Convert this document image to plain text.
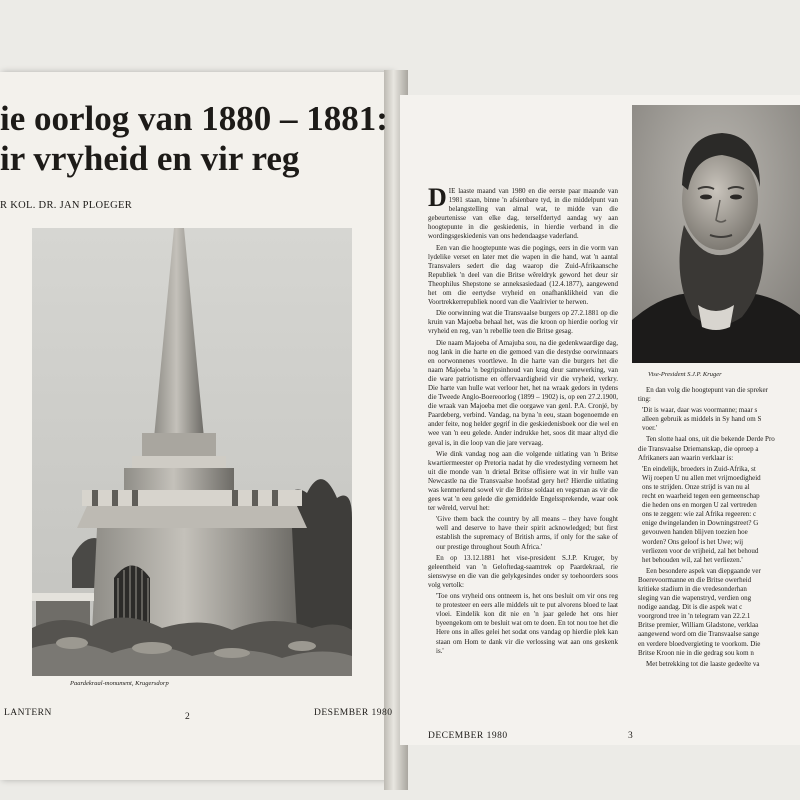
ie oorlog van 1880 – 1881:
ir vryheid en vir reg
R KOL. DR. JAN PLOEGER
Paardekraal-monument, Krugersdorp
LANTERN	2	DESEMBER 1980

DIE laaste maand van 1980 en die eerste paar maande van 1981 staan, binne 'n afsienbare tyd, in die middelpunt van belangstelling van almal wat, te midde van die gebeurtenisse van elke dag, terselfdertyd aandag wy aan hoogtepunte in die geskiedenis, in hierdie verband in die wordingsgeskiedenis van ons hedendaagse vaderland.

Een van die hoogtepunte was die pogings, eers in die vorm van lydelike verset en later met die wapen in die hand, wat 'n aantal Transvalers sedert die dag waarop die Zuid-Afrikaansche Republiek 'n deel van die Britse wêreldryk geword het deur sir Theophilus Shepstone se anneksasiedaad (12.4.1877), aangewend het om die eertydse vryheid en onafhanklikheid van die Voortrekkerrepubliek noord van die Vaalrivier te herwen.

Die oorwinning wat die Transvaalse burgers op 27.2.1881 op die kruin van Majoeba behaal het, was die kroon op hierdie oorlog vir vryheid en reg, van 'n rebellie teen die Britse gesag.

Die naam Majoeba of Amajuba sou, na die gedenkwaardige dag, nog lank in die harte en die gemoed van die destydse oorwinnaars en oorwonnenes voortlewe. In die harte van die burgers het die naam Majoeba 'n begripsinhoud van krag deur samewerking, van die ware patriotisme en offervaardigheid vir die vryheid, verkry. Die harte van hulle wat verloor het, het na wraak gedors in tydens die Tweede Anglo-Boereoorlog (1899 – 1902) is, op een 27.2.1900, die wraak van Majoeba met die oorgawe van genl. P.A. Cronjé, by Paardeberg, verbind. Vandag, na byna 'n eeu, staan bogenoemde en ander feite, nog helder gegrif in die geskiedenisboek oor die wel en wee van 'n eeu gelede. Ander indrukke het, soos dit maar altyd die geval is, in die loop van die jare vervaag.

Wie dink vandag nog aan die volgende uitlating van 'n Britse kwartiermeester op Pretoria nadat hy die vredestyding verneem het uit die monde van 'n drietal Britse offisiere wat in vir hulle van Newcastle na die Transvaalse hoofstad gery het? Hierdie uitlating was kenmerkend sowel vir die Britse soldaat en vegsman as vir die gees wat 'n eeu gelede die gemiddelde Engelssprekende, waar ook ter wêreld, vervul het:

'Give them back the country by all means – they have fought well and deserve to have their spirit acknowledged; but first establish the supremacy of British arms, if only for the sake of our prestige throughout South Africa.'

En op 13.12.1881 het vise-president S.J.P. Kruger, by geleentheid van 'n Geloftedag-saamtrek op Paardekraal, rie sienswyse en die van die gelykgesindes onder sy toehoorders soos volg vertolk:

'Toe ons vryheid ons ontneem is, het ons besluit om vir ons reg te protesteer en eers alle middels uit te put alvorens bloed te laat vloei. Eindelik kon dit nie en 'n jaar gelede het ons hier byeengekom om te besluit wat om te doen. En tot nou toe het die Here ons in alles gelei het sodat ons vandag op hierdie plek kan staan om Hom te dank vir die verlossing wat aan ons geskenk is.'

Vise-President S.J.P. Kruger

En dan volg die hoogtepunt van die spreker
ting:

'Dit is waar, daar was voormanne; maar s
alleen gebruik as middels in Sy hand om S
voer.'

Ten slotte haal ons, uit die bekende Derde Pro
die Transvaalse Driemanskap, die oproep a
Afrikaners aan waarin verklaar is:

'En eindelijk, broeders in Zuid-Afrika, st
Wij roepen U nu allen met vrijmoedigheid
ons te strijden. Onze strijd is van nu al
recht en waarheid tegen een gemeenschap
die heden ons en morgen U zal vertreden
ons te zeggen: wie zal Afrika regeeren: c
enige dwingelanden in Downingstreet? G
gevouwen handen blijven toezien hoe
worden? Ons geloof is het Uwe; wij
verliezen voor de vrijheid, zal het behoud
het behouden wil, zal het verliezen.'

Een besondere aspek van diepgaande ver
Boerevoormanne en die Britse owerheid
kritieke stadium in die vredesonderhan
sleging van die wapenstryd, verdien ong
nodige aandag. Dit is die aspek wat c
voorgrond tree in 'n telegram van 22.2.1
Britse premier, William Gladstone, verklaa
aangewend word om die Transvaalse sange
en verdere bloedvergieting te voorkom. Die
Britse Kroon nie in die gedrag sou kom n

Met betrekking tot die laaste gedeelte va

DECEMBER 1980	3
